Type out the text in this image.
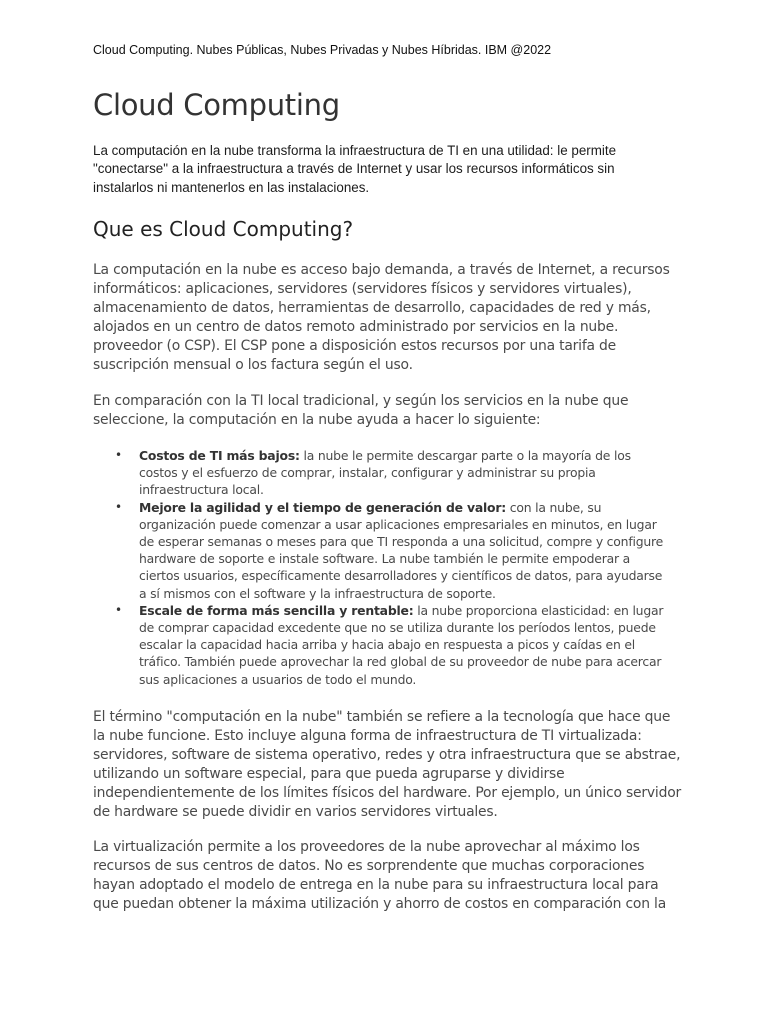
Cloud Computing. Nubes Públicas, Nubes Privadas y Nubes Híbridas. IBM @2022
Cloud Computing

La computación en la nube transforma la infraestructura de TI en una utilidad: le permite "conectarse" a la infraestructura a través de Internet y usar los recursos informáticos sin instalarlos ni mantenerlos en las instalaciones.

Que es Cloud Computing?

La computación en la nube es acceso bajo demanda, a través de Internet, a recursos informáticos: aplicaciones, servidores (servidores físicos y servidores virtuales), almacenamiento de datos, herramientas de desarrollo, capacidades de red y más, alojados en un centro de datos remoto administrado por servicios en la nube. proveedor (o CSP). El CSP pone a disposición estos recursos por una tarifa de suscripción mensual o los factura según el uso.

En comparación con la TI local tradicional, y según los servicios en la nube que seleccione, la computación en la nube ayuda a hacer lo siguiente:

• Costos de TI más bajos: la nube le permite descargar parte o la mayoría de los costos y el esfuerzo de comprar, instalar, configurar y administrar su propia infraestructura local.
• Mejore la agilidad y el tiempo de generación de valor: con la nube, su organización puede comenzar a usar aplicaciones empresariales en minutos, en lugar de esperar semanas o meses para que TI responda a una solicitud, compre y configure hardware de soporte e instale software. La nube también le permite empoderar a ciertos usuarios, específicamente desarrolladores y científicos de datos, para ayudarse a sí mismos con el software y la infraestructura de soporte.
• Escale de forma más sencilla y rentable: la nube proporciona elasticidad: en lugar de comprar capacidad excedente que no se utiliza durante los períodos lentos, puede escalar la capacidad hacia arriba y hacia abajo en respuesta a picos y caídas en el tráfico. También puede aprovechar la red global de su proveedor de nube para acercar sus aplicaciones a usuarios de todo el mundo.

El término "computación en la nube" también se refiere a la tecnología que hace que la nube funcione. Esto incluye alguna forma de infraestructura de TI virtualizada: servidores, software de sistema operativo, redes y otra infraestructura que se abstrae, utilizando un software especial, para que pueda agruparse y dividirse independientemente de los límites físicos del hardware. Por ejemplo, un único servidor de hardware se puede dividir en varios servidores virtuales.

La virtualización permite a los proveedores de la nube aprovechar al máximo los recursos de sus centros de datos. No es sorprendente que muchas corporaciones hayan adoptado el modelo de entrega en la nube para su infraestructura local para que puedan obtener la máxima utilización y ahorro de costos en comparación con la
